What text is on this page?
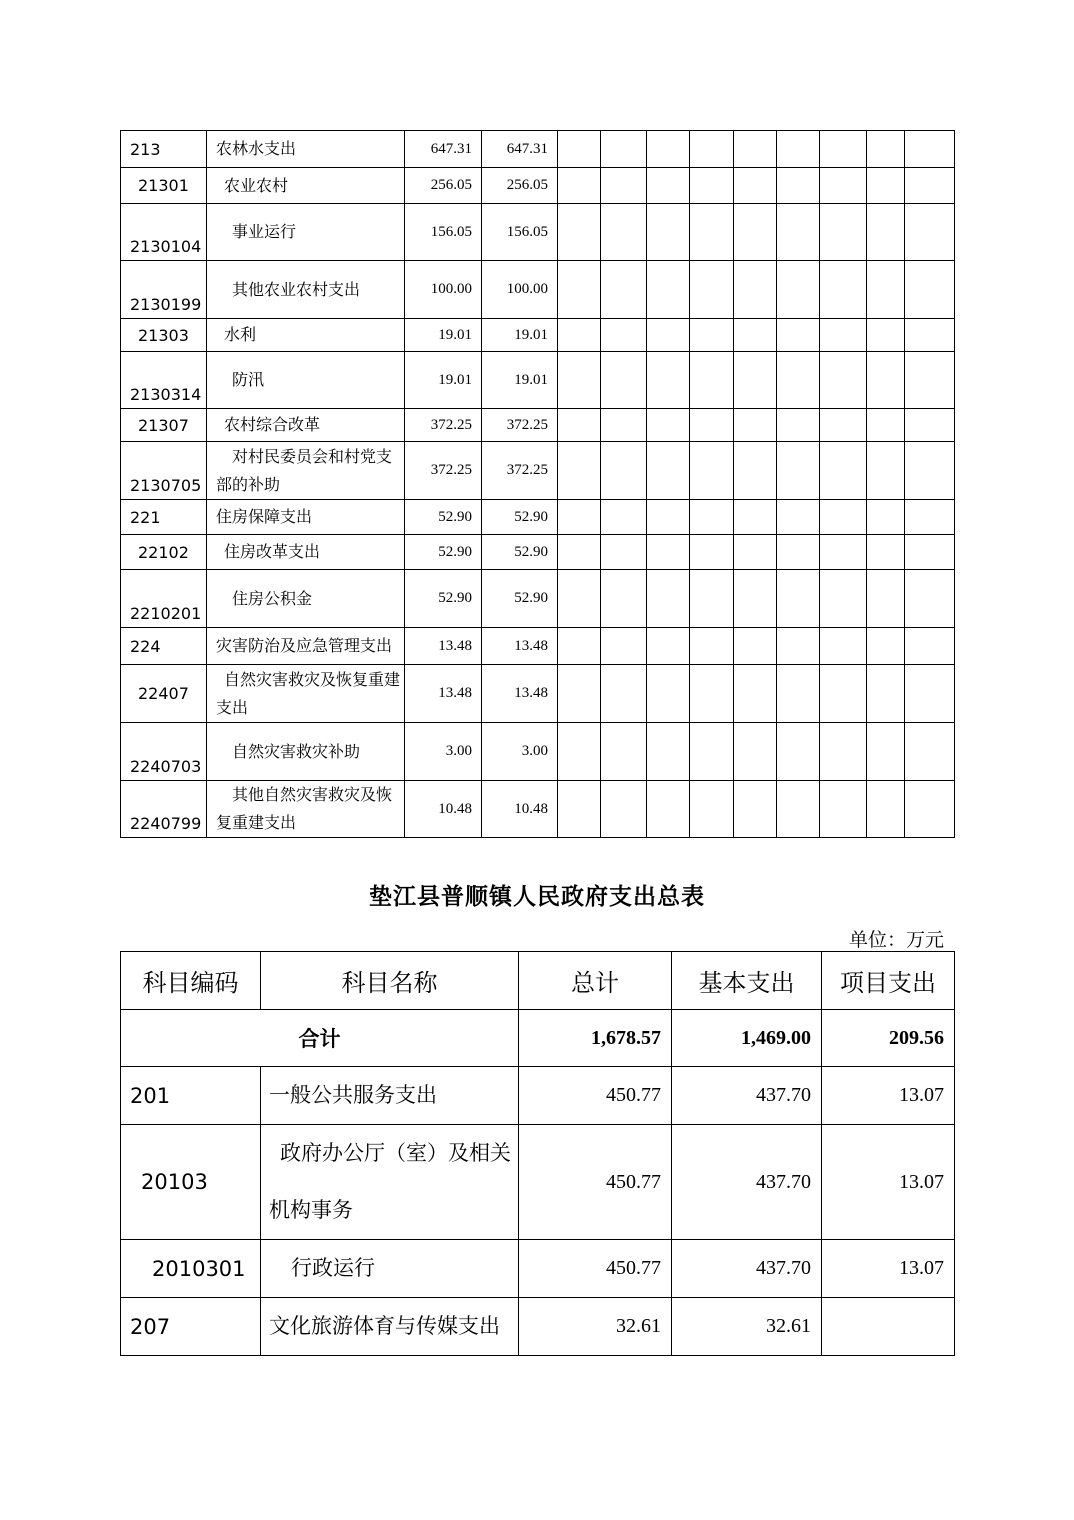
213	农林水支出	647.31	647.31									
21301	农业农村	256.05	256.05									
2130104	事业运行	156.05	156.05									
2130199	其他农业农村支出	100.00	100.00									
21303	水利	19.01	19.01									
2130314	防汛	19.01	19.01									
21307	农村综合改革	372.25	372.25									
2130705	对村民委员会和村党支部的补助	372.25	372.25									
221	住房保障支出	52.90	52.90									
22102	住房改革支出	52.90	52.90									
2210201	住房公积金	52.90	52.90									
224	灾害防治及应急管理支出	13.48	13.48									
22407	自然灾害救灾及恢复重建支出	13.48	13.48									
2240703	自然灾害救灾补助	3.00	3.00									
2240799	其他自然灾害救灾及恢复重建支出	10.48	10.48									
垫江县普顺镇人民政府支出总表
单位：万元
科目编码	科目名称	总计	基本支出	项目支出
合计		1,678.57	1,469.00	209.56
201	一般公共服务支出	450.77	437.70	13.07
20103	政府办公厅（室）及相关机构事务	450.77	437.70	13.07
2010301	行政运行	450.77	437.70	13.07
207	文化旅游体育与传媒支出	32.61	32.61	
